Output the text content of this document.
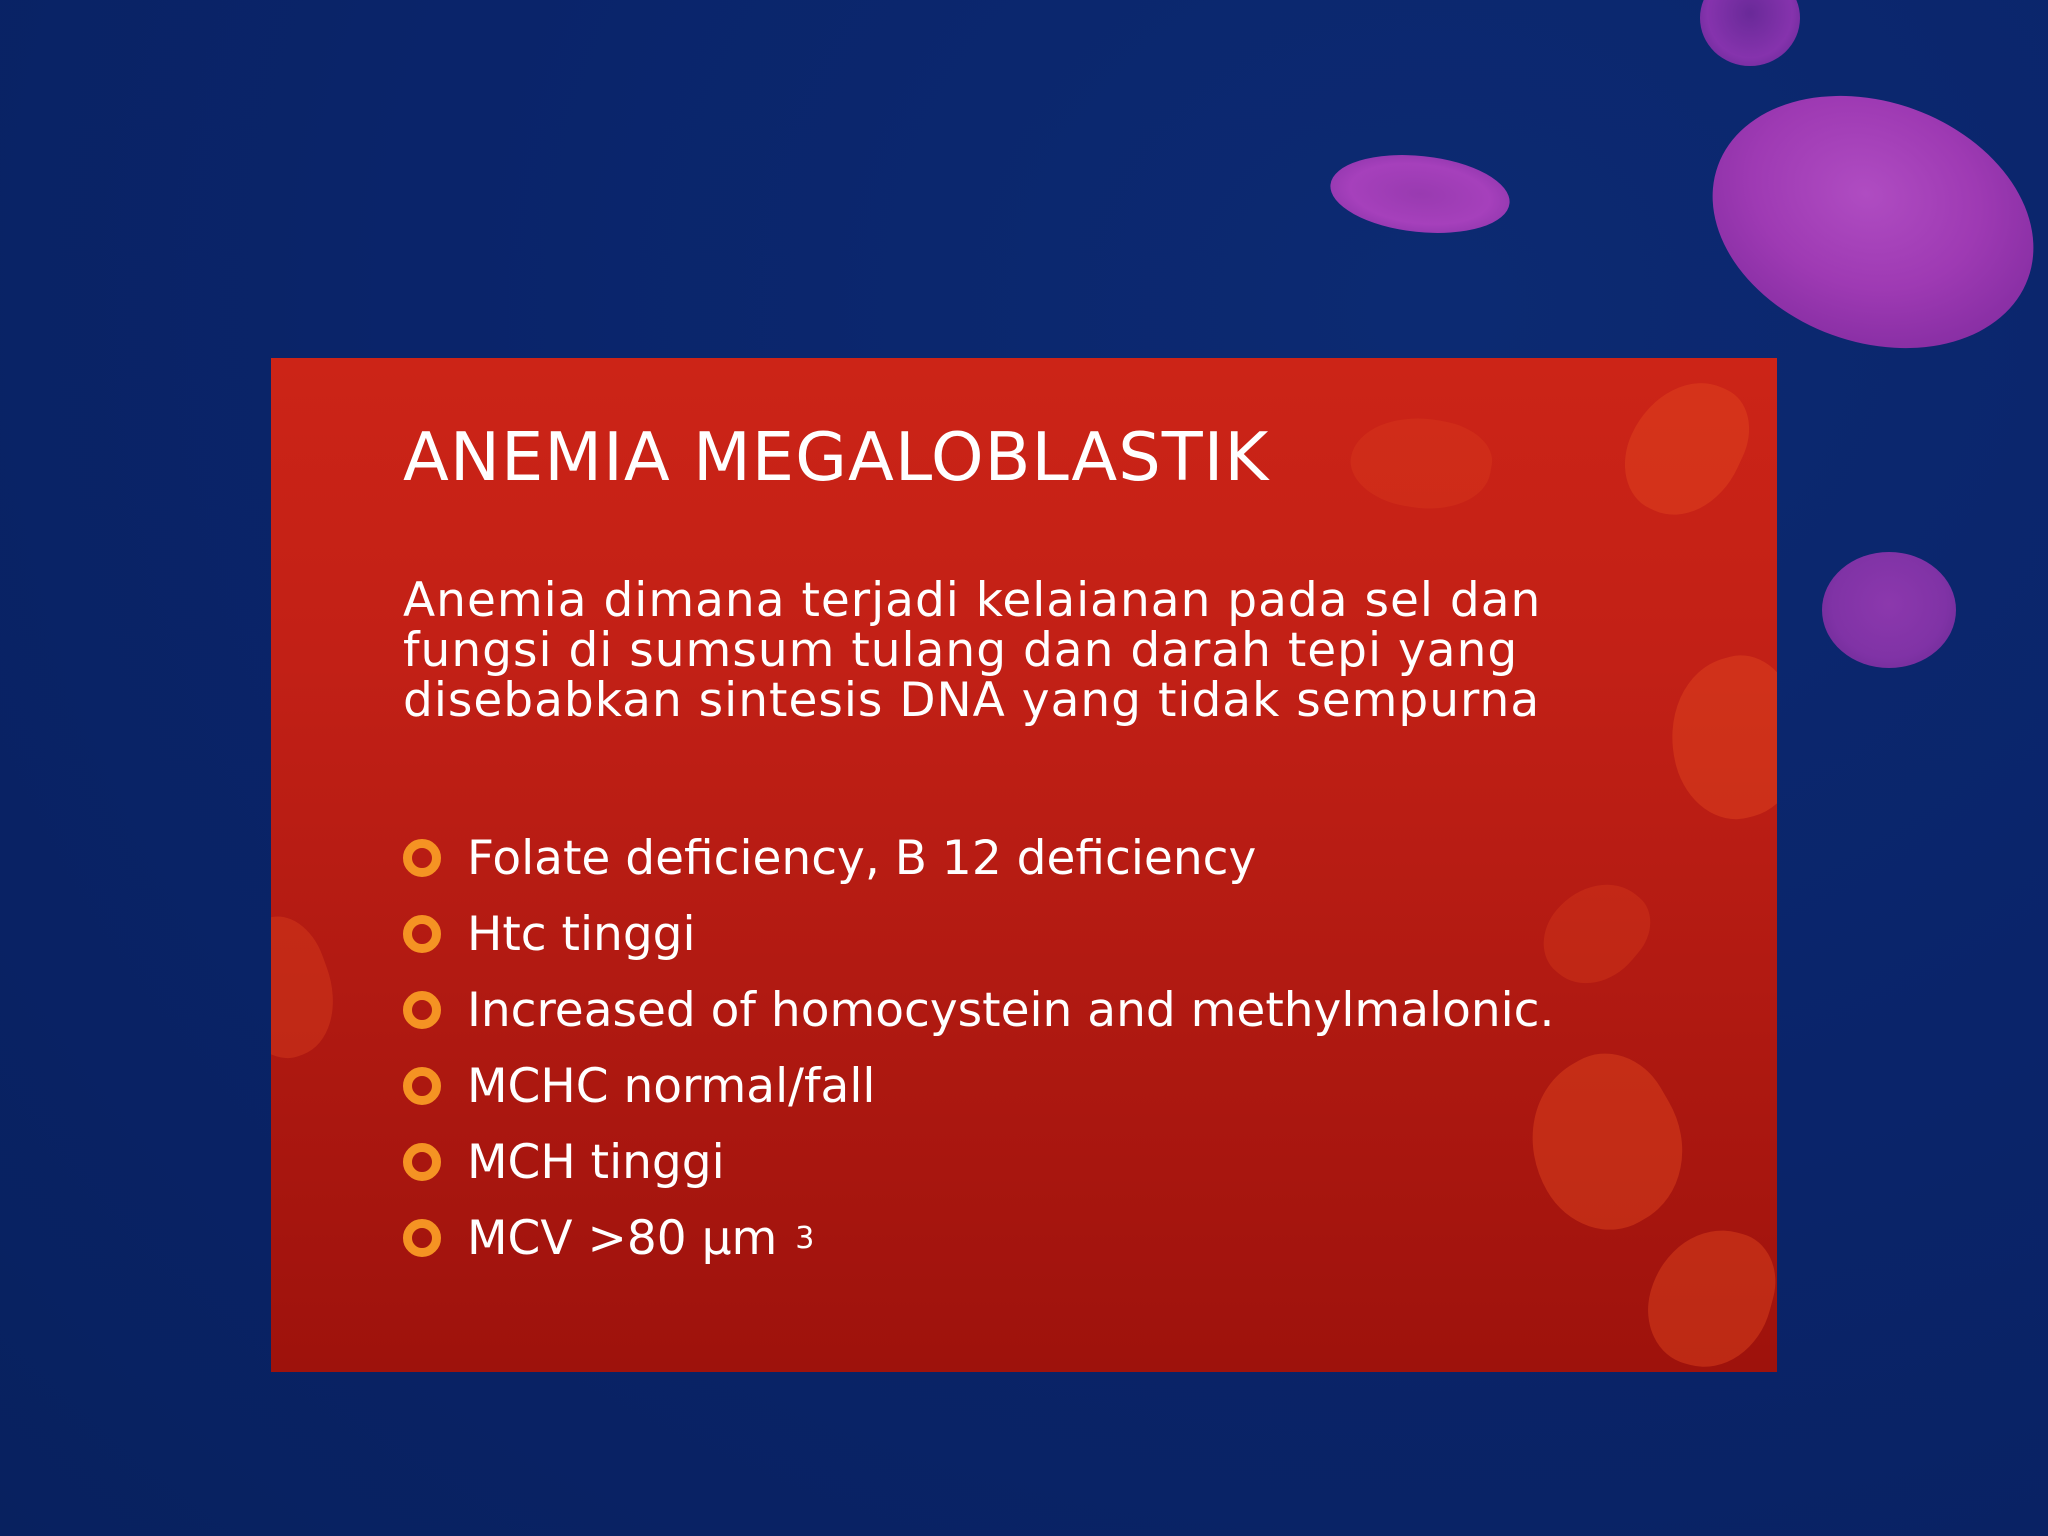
ANEMIA MEGALOBLASTIK
Anemia dimana terjadi kelaianan pada sel dan
fungsi di sumsum tulang dan darah tepi yang
disebabkan sintesis DNA yang tidak sempurna
Folate deficiency, B 12 deficiency
Htc tinggi
Increased of homocystein and methylmalonic.
MCHC normal/fall
MCH tinggi
MCV >80 µm 3
